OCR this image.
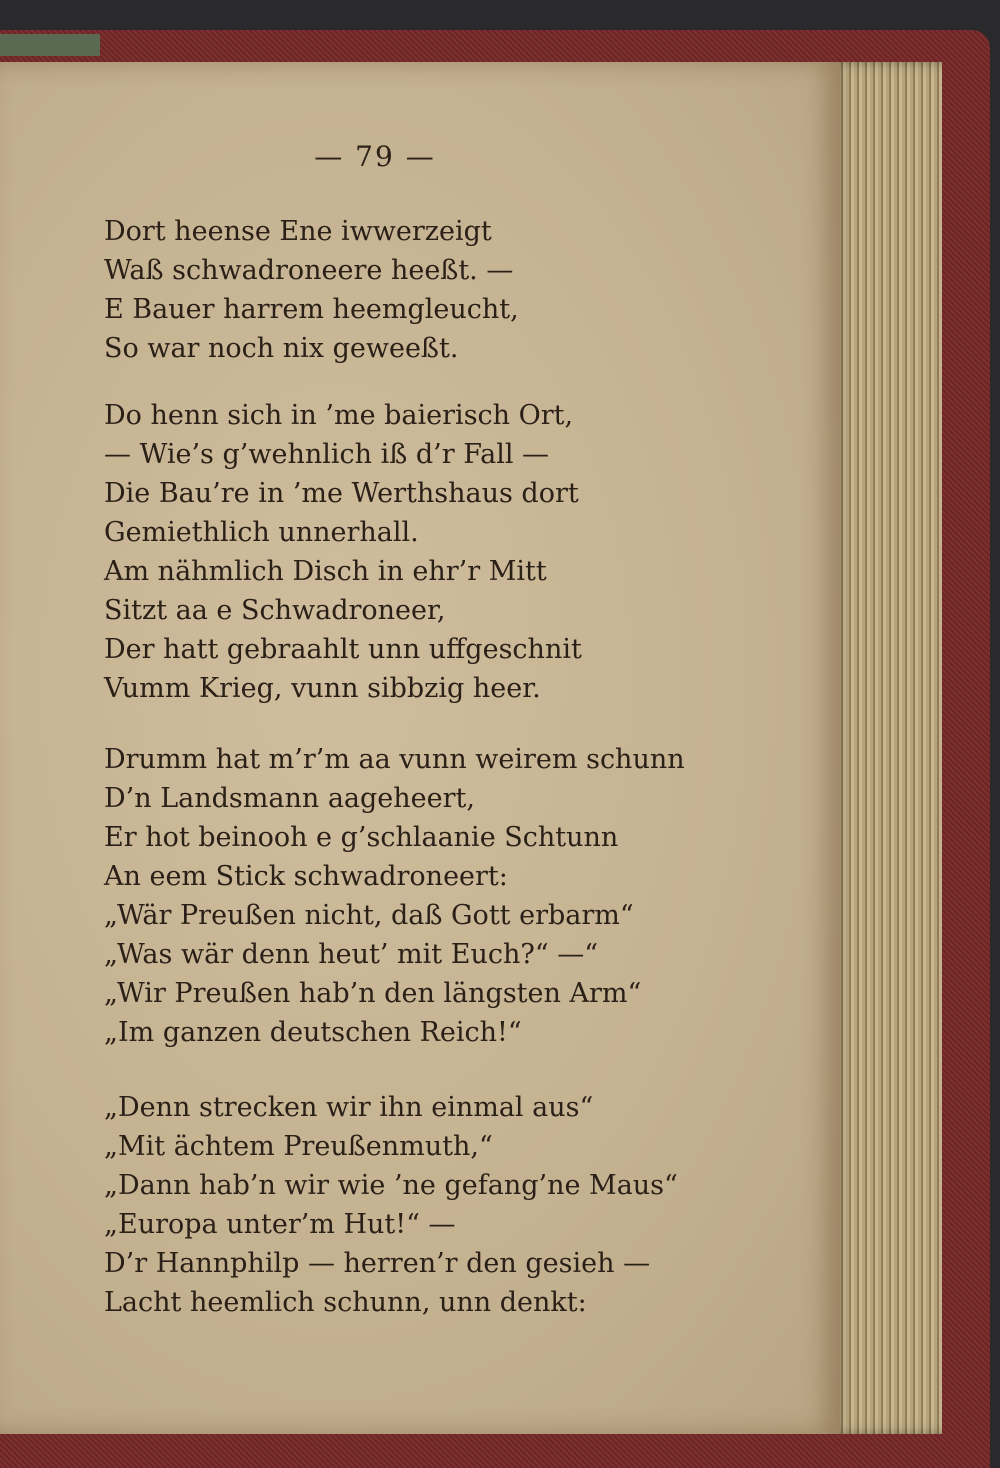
— 79 —
Dort heense Ene iwwerzeigt
Waß schwadroneere heeßt. —
E Bauer harrem heemgleucht,
So war noch nix geweeßt.
Do henn sich in ’me baierisch Ort,
— Wie’s g’wehnlich iß d’r Fall —
Die Bau’re in ’me Werthshaus dort
Gemiethlich unnerhall.
Am nähmlich Disch in ehr’r Mitt
Sitzt aa e Schwadroneer,
Der hatt gebraahlt unn uffgeschnit
Vumm Krieg, vunn sibbzig heer.
Drumm hat m’r’m aa vunn weirem schunn
D’n Landsmann aageheert,
Er hot beinooh e g’schlaanie Schtunn
An eem Stick schwadroneert:
„Wär Preußen nicht, daß Gott erbarm“
„Was wär denn heut’ mit Euch?“ —“
„Wir Preußen hab’n den längsten Arm“
„Im ganzen deutschen Reich!“
„Denn strecken wir ihn einmal aus“
„Mit ächtem Preußenmuth,“
„Dann hab’n wir wie ’ne gefang’ne Maus“
„Europa unter’m Hut!“ —
D’r Hannphilp — herren’r den gesieh —
Lacht heemlich schunn, unn denkt:
